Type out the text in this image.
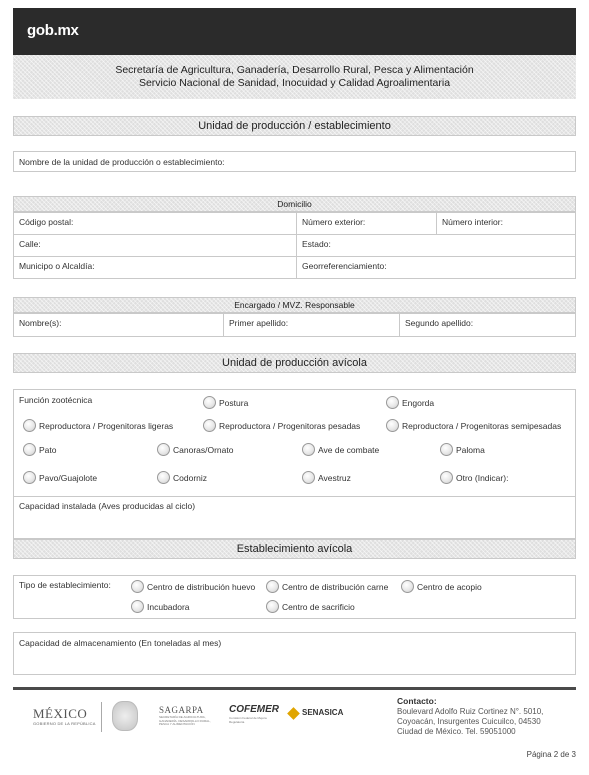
gob.mx
Secretaría de Agricultura, Ganadería, Desarrollo Rural, Pesca y Alimentación
Servicio Nacional de Sanidad, Inocuidad y Calidad Agroalimentaria
Unidad de producción / establecimiento
Nombre de la unidad de producción o establecimiento:
Domicilio
Código postal:	Número exterior:	Número interior:
Calle:	Estado:
Municipo o Alcaldía:	Georreferenciamiento:
Encargado / MVZ. Responsable
Nombre(s):	Primer apellido:	Segundo apellido:
Unidad de producción avícola
Función zootécnica	Postura	Engorda
Reproductora / Progenitoras ligeras	Reproductora / Progenitoras pesadas	Reproductora / Progenitoras semipesadas
Pato	Canoras/Ornato	Ave de combate	Paloma
Pavo/Guajolote	Codorniz	Avestruz	Otro (Indicar):
Capacidad instalada (Aves producidas al ciclo)
Establecimiento avícola
Tipo de establecimiento:	Centro de distribución huevo	Centro de distribución carne	Centro de acopio
Incubadora	Centro de sacrificio
Capacidad de almacenamiento (En toneladas al mes)
MÉXICO
GOBIERNO DE LA REPÚBLICA
SAGARPA
SECRETARÍA DE AGRICULTURA, GANADERÍA, DESARROLLO RURAL, PESCA Y ALIMENTACIÓN
COFEMER
Comisión Federal de Mejora Regulatoria
SENASICA
Contacto:
Boulevard Adolfo Ruiz Cortinez N°. 5010,
Coyoacán, Insurgentes Cuicuilco, 04530
Ciudad de México. Tel. 59051000
Página 2 de 3
